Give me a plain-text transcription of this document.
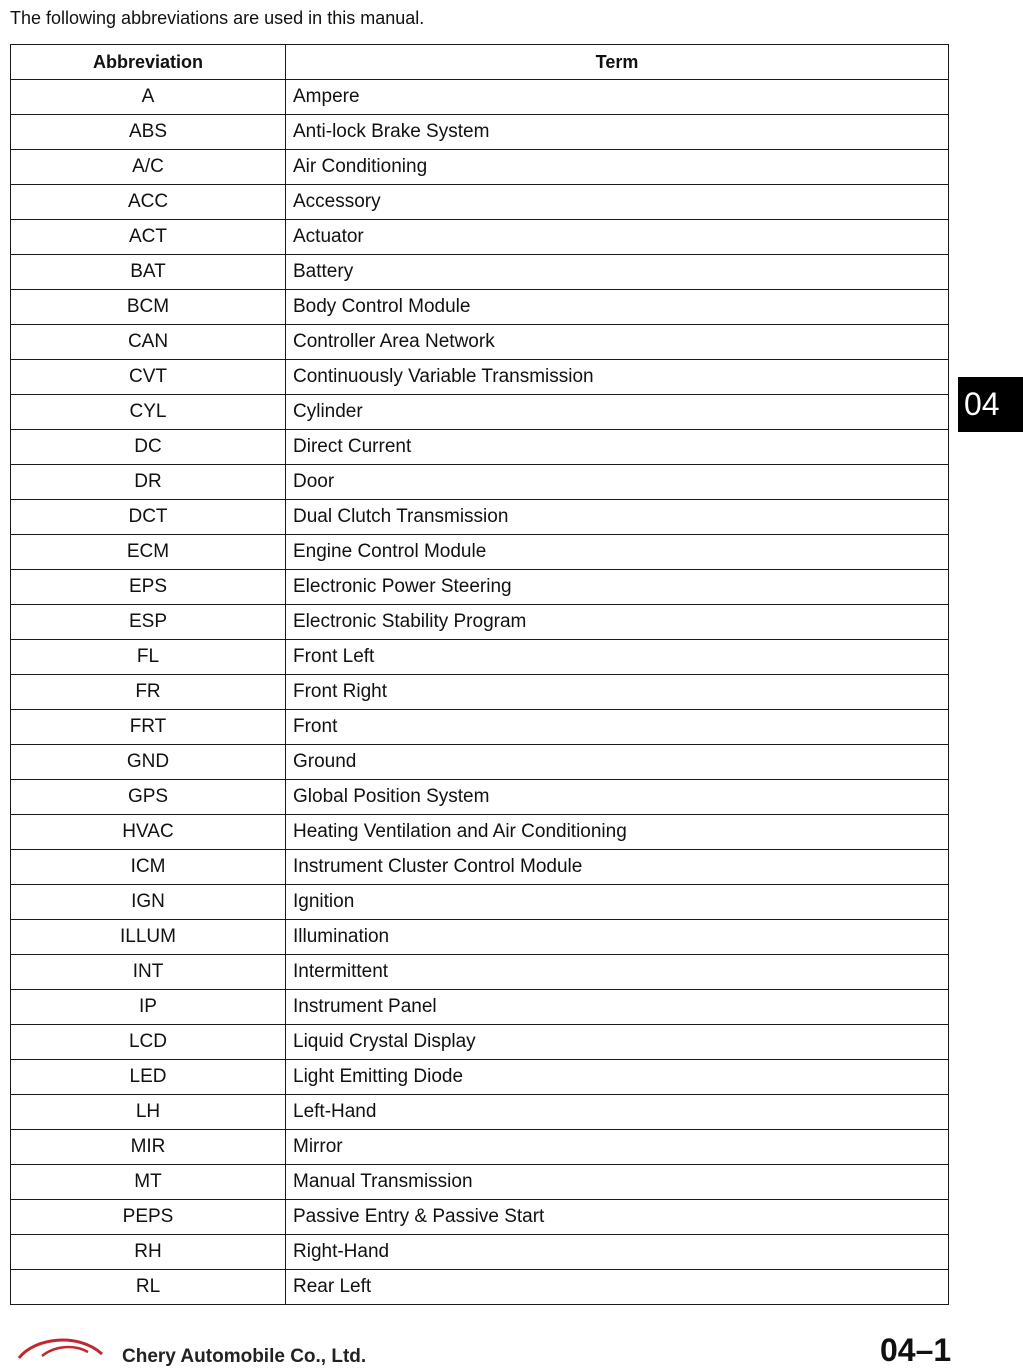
The following abbreviations are used in this manual.

Abbreviation	Term
A	Ampere
ABS	Anti-lock Brake System
A/C	Air Conditioning
ACC	Accessory
ACT	Actuator
BAT	Battery
BCM	Body Control Module
CAN	Controller Area Network
CVT	Continuously Variable Transmission
CYL	Cylinder
DC	Direct Current
DR	Door
DCT	Dual Clutch Transmission
ECM	Engine Control Module
EPS	Electronic Power Steering
ESP	Electronic Stability Program
FL	Front Left
FR	Front Right
FRT	Front
GND	Ground
GPS	Global Position System
HVAC	Heating Ventilation and Air Conditioning
ICM	Instrument Cluster Control Module
IGN	Ignition
ILLUM	Illumination
INT	Intermittent
IP	Instrument Panel
LCD	Liquid Crystal Display
LED	Light Emitting Diode
LH	Left-Hand
MIR	Mirror
MT	Manual Transmission
PEPS	Passive Entry & Passive Start
RH	Right-Hand
RL	Rear Left
04
Chery Automobile Co., Ltd.	04–1
